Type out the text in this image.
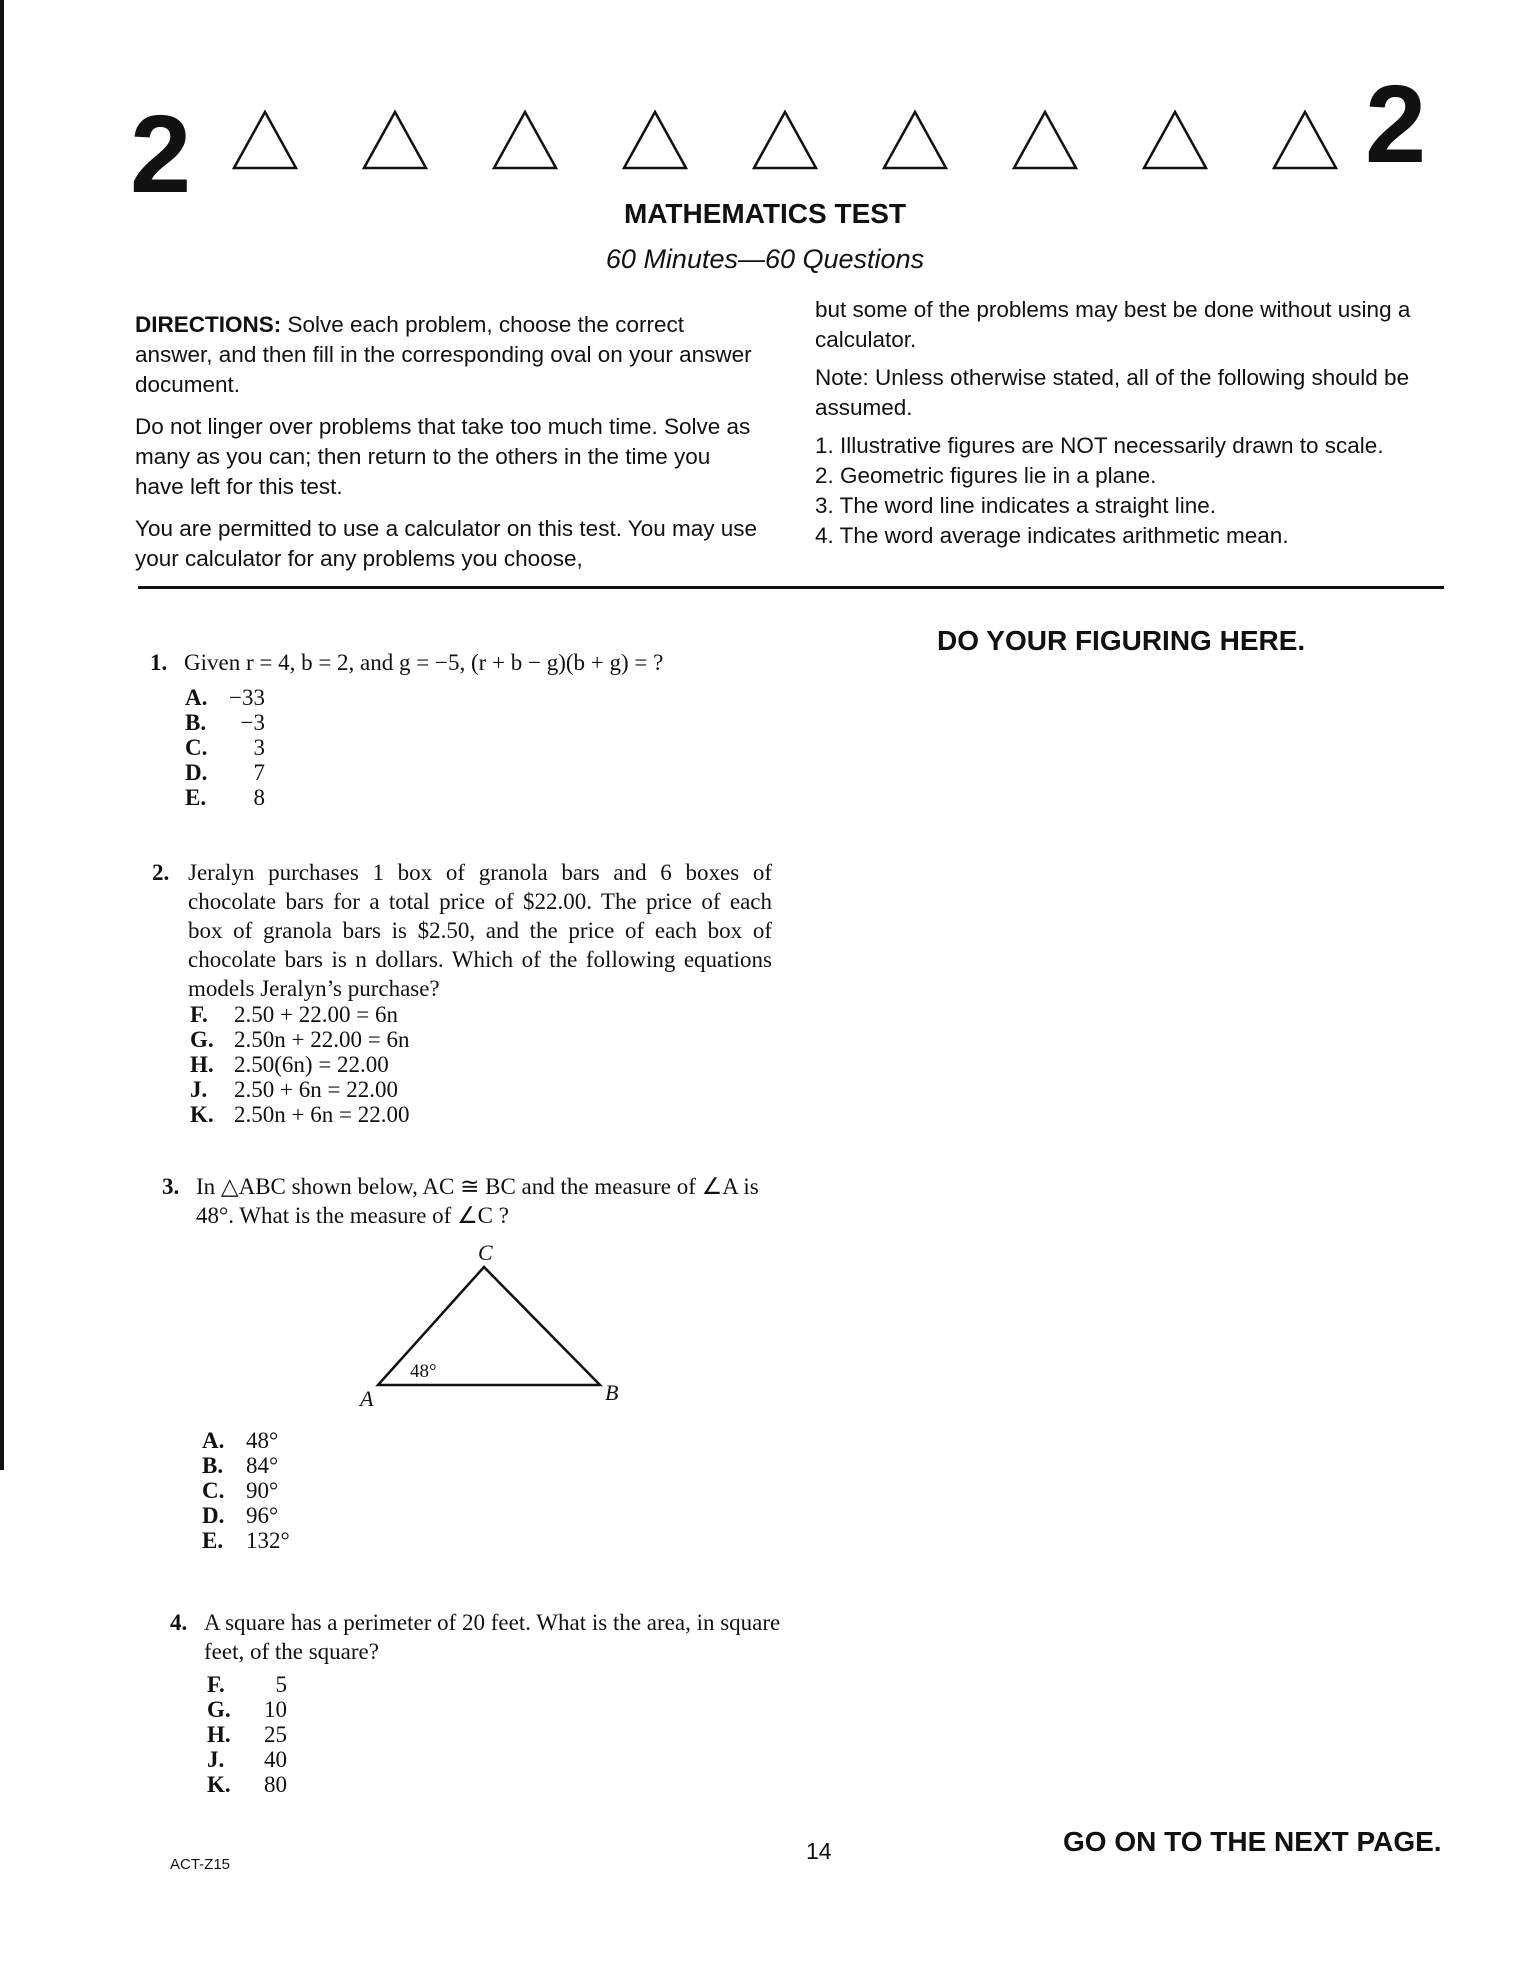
2	2
MATHEMATICS TEST
60 Minutes—60 Questions

DIRECTIONS: Solve each problem, choose the correct answer, and then fill in the corresponding oval on your answer document.

Do not linger over problems that take too much time. Solve as many as you can; then return to the others in the time you have left for this test.

You are permitted to use a calculator on this test. You may use your calculator for any problems you choose,

but some of the problems may best be done without using a calculator.

Note: Unless otherwise stated, all of the following should be assumed.

1. Illustrative figures are NOT necessarily drawn to scale.
2. Geometric figures lie in a plane.
3. The word line indicates a straight line.
4. The word average indicates arithmetic mean.
DO YOUR FIGURING HERE.
1. Given r = 4, b = 2, and g = −5, (r + b − g)(b + g) = ?
A. −33
B.	−3
C.	3
D.	7
E.	8
2. Jeralyn purchases 1 box of granola bars and 6 boxes of chocolate bars for a total price of $22.00. The price of each box of granola bars is $2.50, and the price of each box of chocolate bars is n dollars. Which of the following equations models Jeralyn’s purchase?
F.	2.50 + 22.00 = 6n
G. 2.50n + 22.00 = 6n
H. 2.50(6n) = 22.00
J.	2.50 + 6n = 22.00
K. 2.50n + 6n = 22.00
3. In △ABC shown below, AC ≅ BC and the measure of ∠A is 48°. What is the measure of ∠C ?
C
A	B
48°
A. 48°
B. 84°
C. 90°
D. 96°
E. 132°
4. A square has a perimeter of 20 feet. What is the area, in square feet, of the square?
F.	5
G.	10
H.	25
J.	40
K.	80
ACT-Z15
14	GO ON TO THE NEXT PAGE.
